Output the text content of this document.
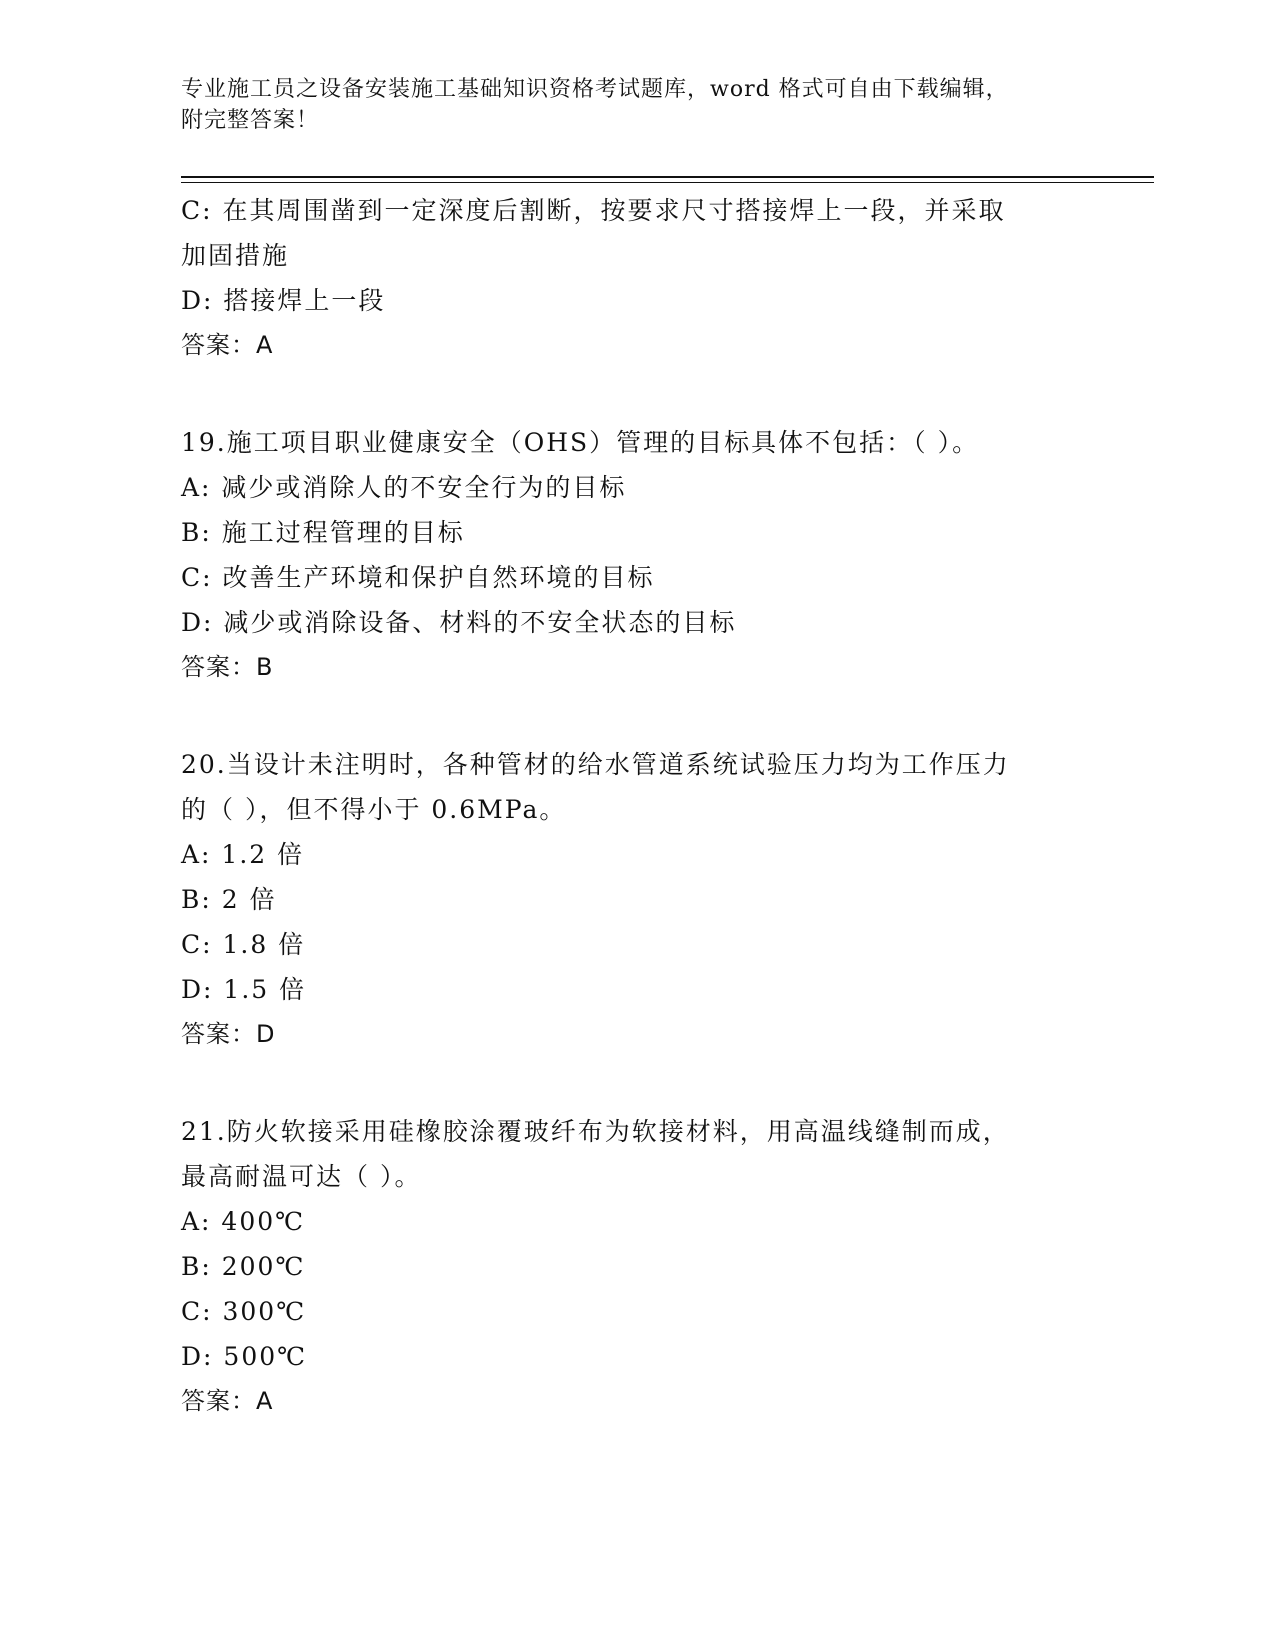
专业施工员之设备安装施工基础知识资格考试题库，word 格式可自由下载编辑，
附完整答案！
C: 在其周围凿到一定深度后割断，按要求尺寸搭接焊上一段，并采取
加固措施
D: 搭接焊上一段
答案：A
19.施工项目职业健康安全（OHS）管理的目标具体不包括：（ ）。
A: 减少或消除人的不安全行为的目标
B: 施工过程管理的目标
C: 改善生产环境和保护自然环境的目标
D: 减少或消除设备、材料的不安全状态的目标
答案：B
20.当设计未注明时，各种管材的给水管道系统试验压力均为工作压力
的（ ），但不得小于 0.6MPa。
A: 1.2 倍
B: 2 倍
C: 1.8 倍
D: 1.5 倍
答案：D
21.防火软接采用硅橡胶涂覆玻纤布为软接材料，用高温线缝制而成，
最高耐温可达（ ）。
A: 400℃
B: 200℃
C: 300℃
D: 500℃
答案：A
